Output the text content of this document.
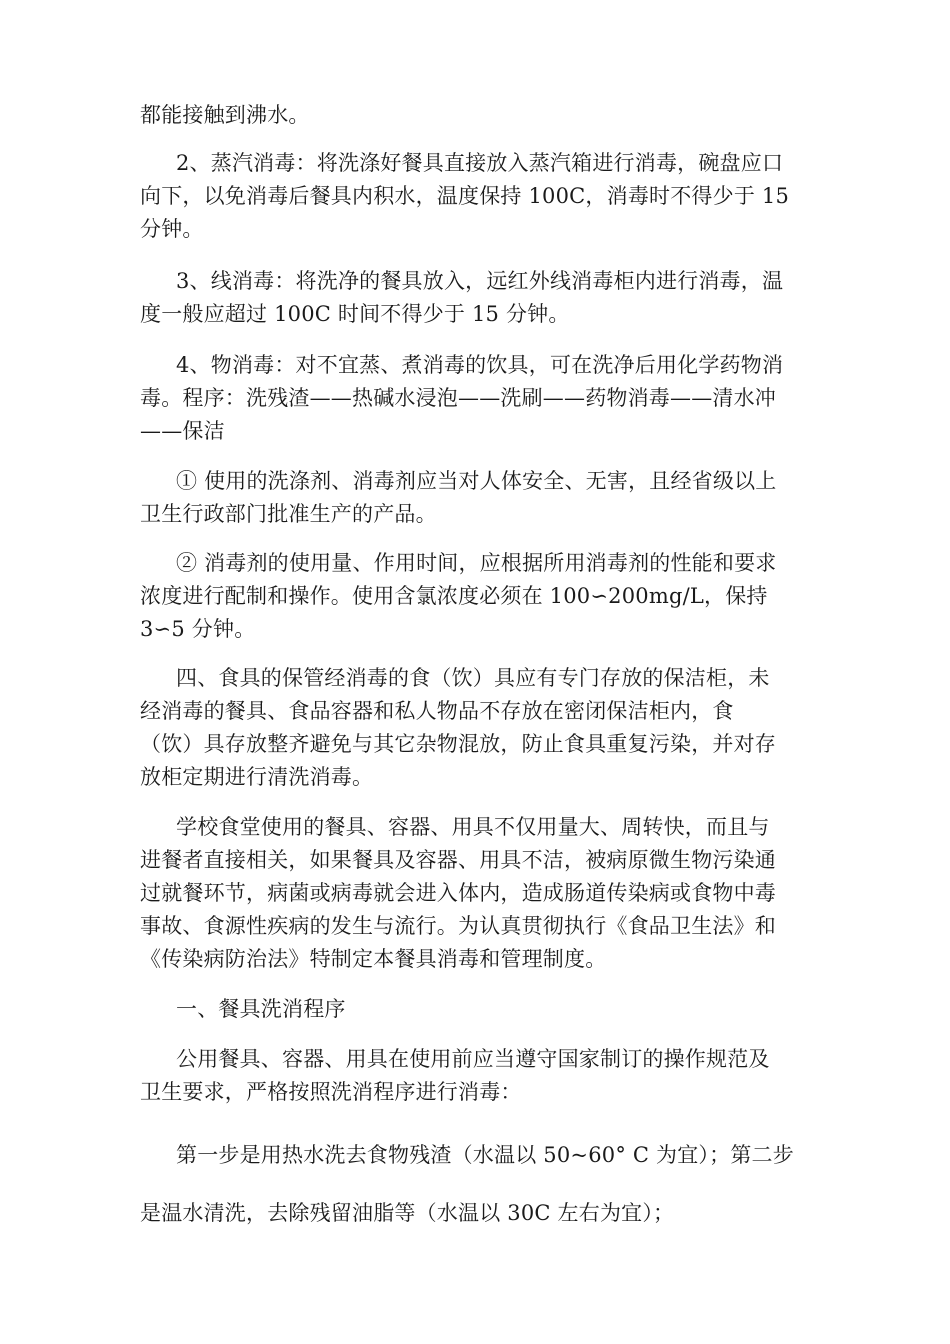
都能接触到沸水。

2、蒸汽消毒：将洗涤好餐具直接放入蒸汽箱进行消毒，碗盘应口
向下，以免消毒后餐具内积水，温度保持 100C，消毒时不得少于 15
分钟。

3、线消毒：将洗净的餐具放入，远红外线消毒柜内进行消毒，温
度一般应超过 100C 时间不得少于 15 分钟。

4、物消毒：对不宜蒸、煮消毒的饮具，可在洗净后用化学药物消
毒。程序：洗残渣——热碱水浸泡——洗刷——药物消毒——清水冲
——保洁

① 使用的洗涤剂、消毒剂应当对人体安全、无害，且经省级以上
卫生行政部门批准生产的产品。

② 消毒剂的使用量、作用时间，应根据所用消毒剂的性能和要求
浓度进行配制和操作。使用含氯浓度必须在 100∽200mg/L，保持
3∽5 分钟。

四、食具的保管经消毒的食（饮）具应有专门存放的保洁柜，未
经消毒的餐具、食品容器和私人物品不存放在密闭保洁柜内，食
（饮）具存放整齐避免与其它杂物混放，防止食具重复污染，并对存
放柜定期进行清洗消毒。

学校食堂使用的餐具、容器、用具不仅用量大、周转快，而且与
进餐者直接相关，如果餐具及容器、用具不洁，被病原微生物污染通
过就餐环节，病菌或病毒就会进入体内，造成肠道传染病或食物中毒
事故、食源性疾病的发生与流行。为认真贯彻执行《食品卫生法》和
《传染病防治法》特制定本餐具消毒和管理制度。

一、餐具洗消程序

公用餐具、容器、用具在使用前应当遵守国家制订的操作规范及
卫生要求，严格按照洗消程序进行消毒：

第一步是用热水洗去食物残渣（水温以 50~60° C 为宜）；第二步
是温水清洗，去除残留油脂等（水温以 30C 左右为宜）；
